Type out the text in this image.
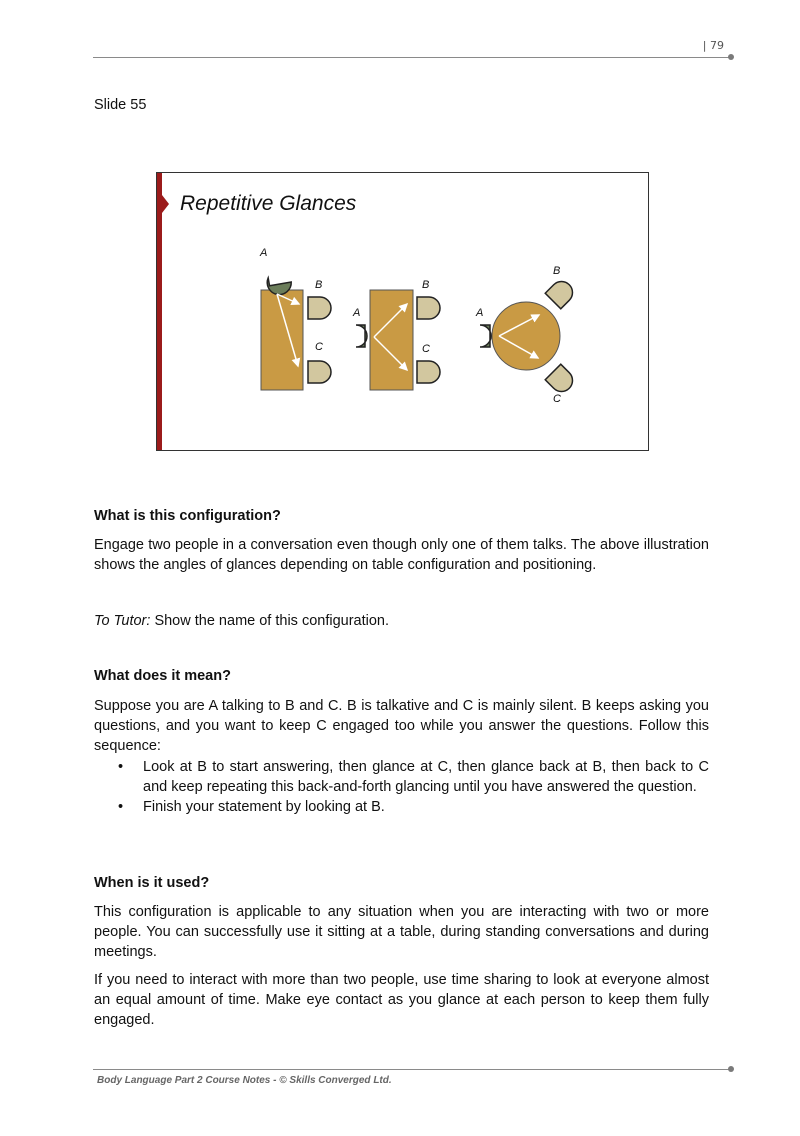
| 79
Slide 55
Repetitive Glances
A
B
C
A
B
C
A
B
C
What is this configuration?
Engage two people in a conversation even though only one of them talks. The above illustration shows the angles of glances depending on table configuration and positioning.
To Tutor: Show the name of this configuration.
What does it mean?
Suppose you are A talking to B and C. B is talkative and C is mainly silent. B keeps asking you questions, and you want to keep C engaged too while you answer the questions. Follow this sequence:
• Look at B to start answering, then glance at C, then glance back at B, then back to C and keep repeating this back-and-forth glancing until you have answered the question.
• Finish your statement by looking at B.
When is it used?
This configuration is applicable to any situation when you are interacting with two or more people. You can successfully use it sitting at a table, during standing conversations and during meetings.
If you need to interact with more than two people, use time sharing to look at everyone almost an equal amount of time. Make eye contact as you glance at each person to keep them fully engaged.
Body Language Part 2 Course Notes - © Skills Converged Ltd.
